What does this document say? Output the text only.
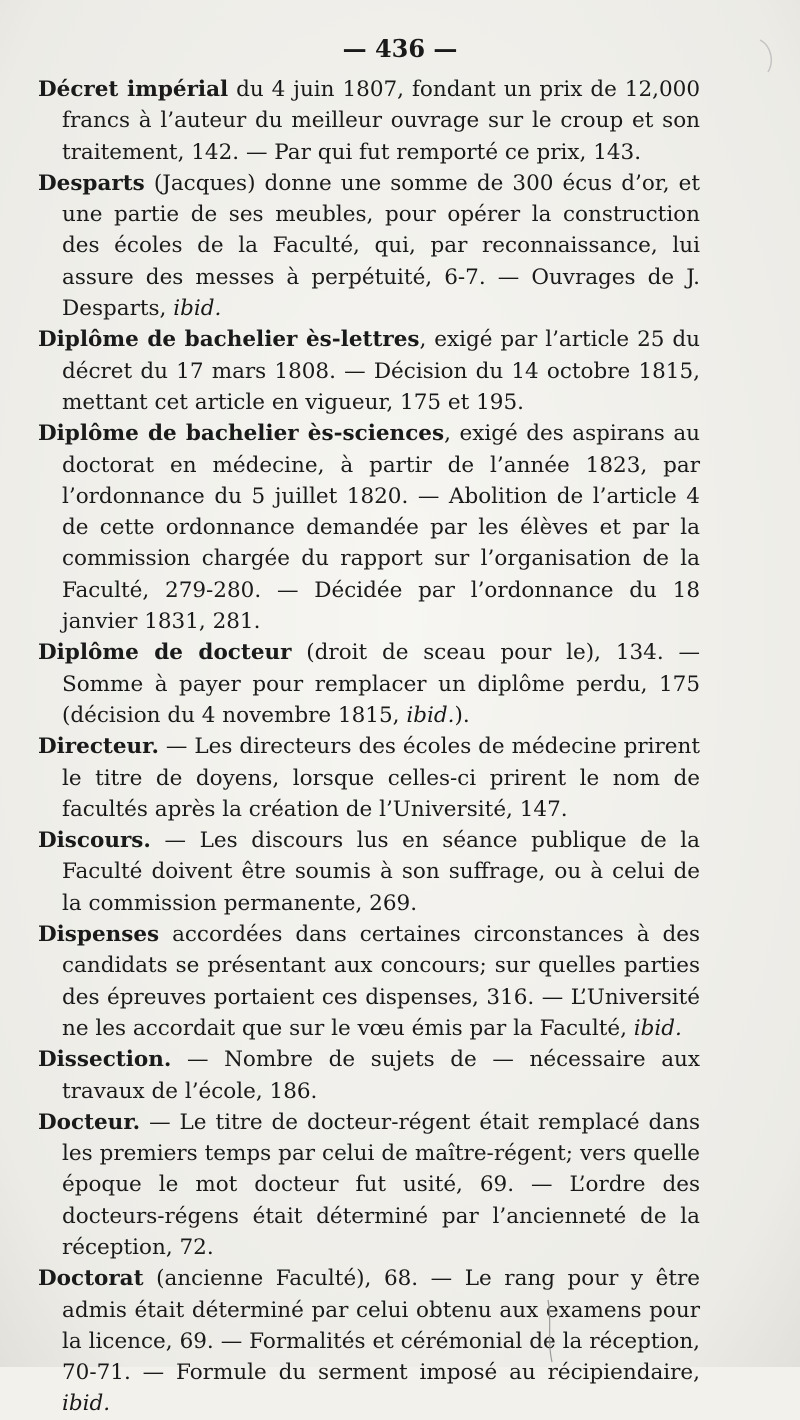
— 436 —

Décret impérial du 4 juin 1807, fondant un prix de 12,000 francs à l’auteur du meilleur ouvrage sur le croup et son traitement, 142. — Par qui fut remporté ce prix, 143.

Desparts (Jacques) donne une somme de 300 écus d’or, et une partie de ses meubles, pour opérer la construction des écoles de la Faculté, qui, par reconnaissance, lui assure des messes à perpétuité, 6-7. — Ouvrages de J. Desparts, ibid.

Diplôme de bachelier ès-lettres, exigé par l’article 25 du décret du 17 mars 1808. — Décision du 14 octobre 1815, mettant cet article en vigueur, 175 et 195.

Diplôme de bachelier ès-sciences, exigé des aspirans au doctorat en médecine, à partir de l’année 1823, par l’ordonnance du 5 juillet 1820. — Abolition de l’article 4 de cette ordonnance demandée par les élèves et par la commission chargée du rapport sur l’organisation de la Faculté, 279-280. — Décidée par l’ordonnance du 18 janvier 1831, 281.

Diplôme de docteur (droit de sceau pour le), 134. — Somme à payer pour remplacer un diplôme perdu, 175 (décision du 4 novembre 1815, ibid.).

Directeur. — Les directeurs des écoles de médecine prirent le titre de doyens, lorsque celles-ci prirent le nom de facultés après la création de l’Université, 147.

Discours. — Les discours lus en séance publique de la Faculté doivent être soumis à son suffrage, ou à celui de la commission permanente, 269.

Dispenses accordées dans certaines circonstances à des candidats se présentant aux concours; sur quelles parties des épreuves portaient ces dispenses, 316. — L’Université ne les accordait que sur le vœu émis par la Faculté, ibid.

Dissection. — Nombre de sujets de — nécessaire aux travaux de l’école, 186.

Docteur. — Le titre de docteur-régent était remplacé dans les premiers temps par celui de maître-régent; vers quelle époque le mot docteur fut usité, 69. — L’ordre des docteurs-régens était déterminé par l’ancienneté de la réception, 72.

Doctorat (ancienne Faculté), 68. — Le rang pour y être admis était déterminé par celui obtenu aux examens pour la licence, 69. — Formalités et cérémonial de la réception, 70-71. — Formule du serment imposé au récipiendaire, ibid.
